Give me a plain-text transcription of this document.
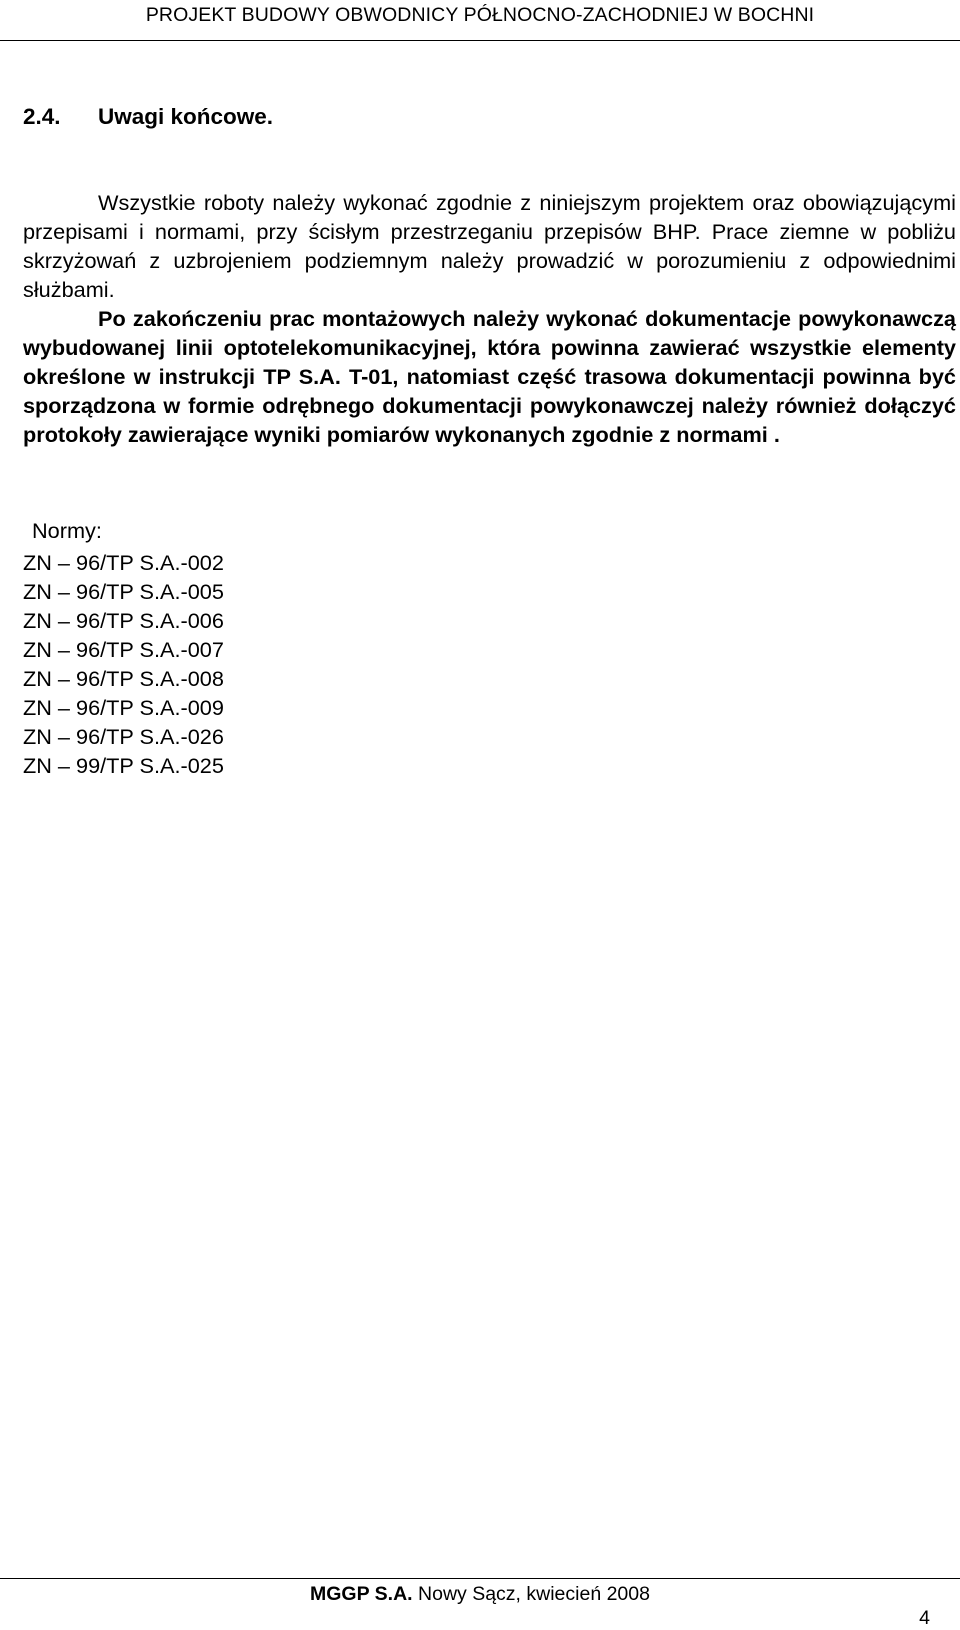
PROJEKT BUDOWY OBWODNICY PÓŁNOCNO-ZACHODNIEJ W BOCHNI
2.4. Uwagi końcowe.

Wszystkie roboty należy wykonać zgodnie z niniejszym projektem oraz obowiązującymi przepisami i normami, przy ścisłym przestrzeganiu przepisów BHP. Prace ziemne w pobliżu skrzyżowań z uzbrojeniem podziemnym należy prowadzić w porozumieniu z odpowiednimi służbami.

Po zakończeniu prac montażowych należy wykonać dokumentacje powykonawczą wybudowanej linii optotelekomunikacyjnej, która powinna zawierać wszystkie elementy określone w instrukcji TP S.A. T-01, natomiast część trasowa dokumentacji powinna być sporządzona w formie odrębnego dokumentacji powykonawczej należy również dołączyć protokoły zawierające wyniki pomiarów wykonanych zgodnie z normami .

Normy:
ZN – 96/TP S.A.-002
ZN – 96/TP S.A.-005
ZN – 96/TP S.A.-006
ZN – 96/TP S.A.-007
ZN – 96/TP S.A.-008
ZN – 96/TP S.A.-009
ZN – 96/TP S.A.-026
ZN – 99/TP S.A.-025
MGGP S.A. Nowy Sącz, kwiecień 2008
4
